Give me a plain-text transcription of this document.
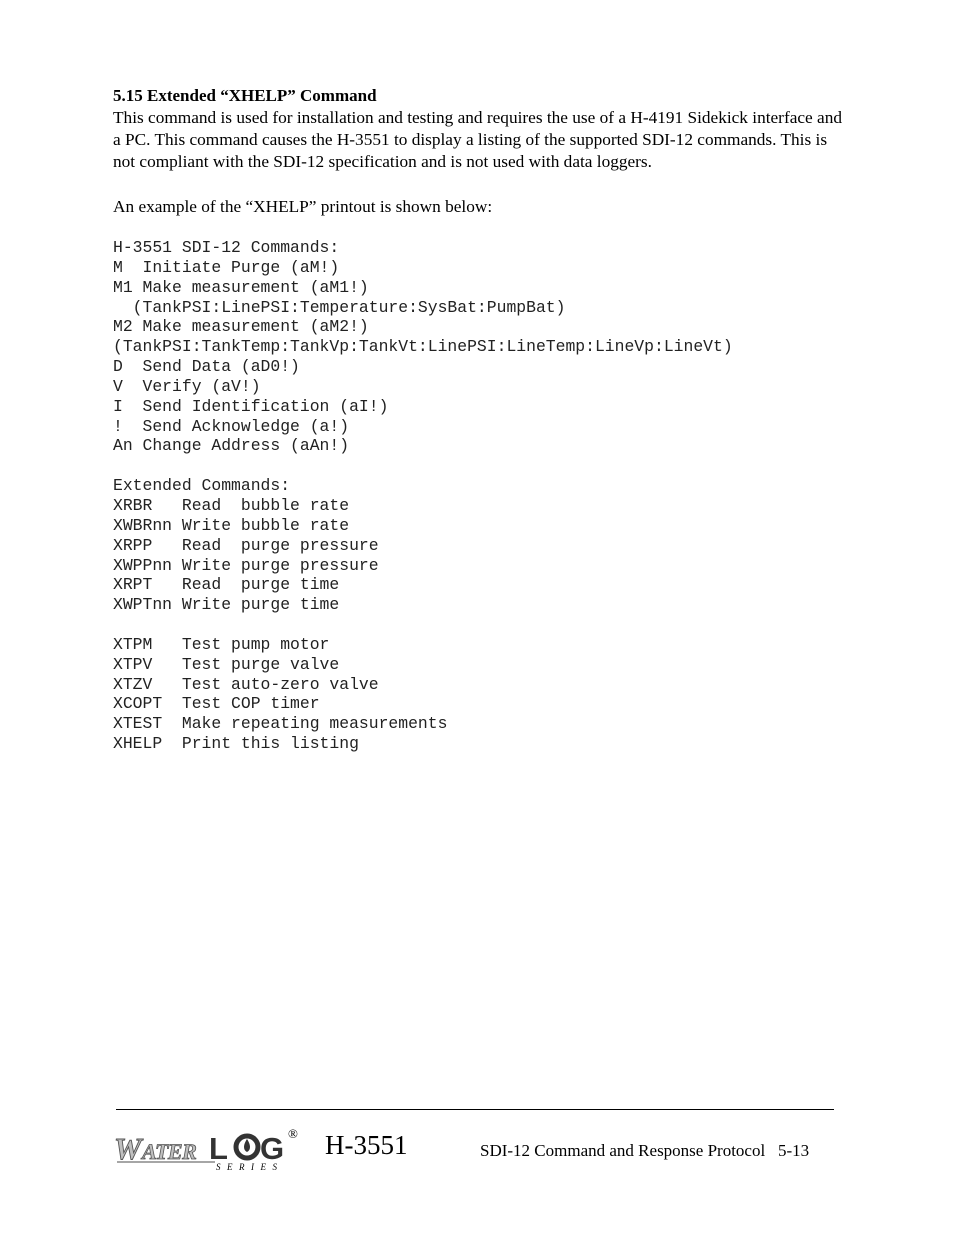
5.15 Extended “XHELP” Command

This command is used for installation and testing and requires the use of a H-4191 Sidekick interface and a PC. This command causes the H-3551 to display a listing of the supported SDI-12 commands. This is not compliant with the SDI-12 specification and is not used with data loggers.

An example of the “XHELP” printout is shown below:

H-3551 SDI-12 Commands:
M  Initiate Purge (aM!)
M1 Make measurement (aM1!)
(TankPSI:LinePSI:Temperature:SysBat:PumpBat)
M2 Make measurement (aM2!)
(TankPSI:TankTemp:TankVp:TankVt:LinePSI:LineTemp:LineVp:LineVt)
D  Send Data (aD0!)
V  Verify (aV!)
I  Send Identification (aI!)
!  Send Acknowledge (a!)
An Change Address (aAn!)
Extended Commands:
XRBR   Read  bubble rate
XWBRnn Write bubble rate
XRPP   Read  purge pressure
XWPPnn Write purge pressure
XRPT   Read  purge time
XWPTnn Write purge time
XTPM   Test pump motor
XTPV   Test purge valve
XTZV   Test auto-zero valve
XCOPT  Test COP timer
XTEST  Make repeating measurements
XHELP  Print this listing
W ATER L G ®
SERIES
H-3551	SDI-12 Command and Response Protocol 5-13
